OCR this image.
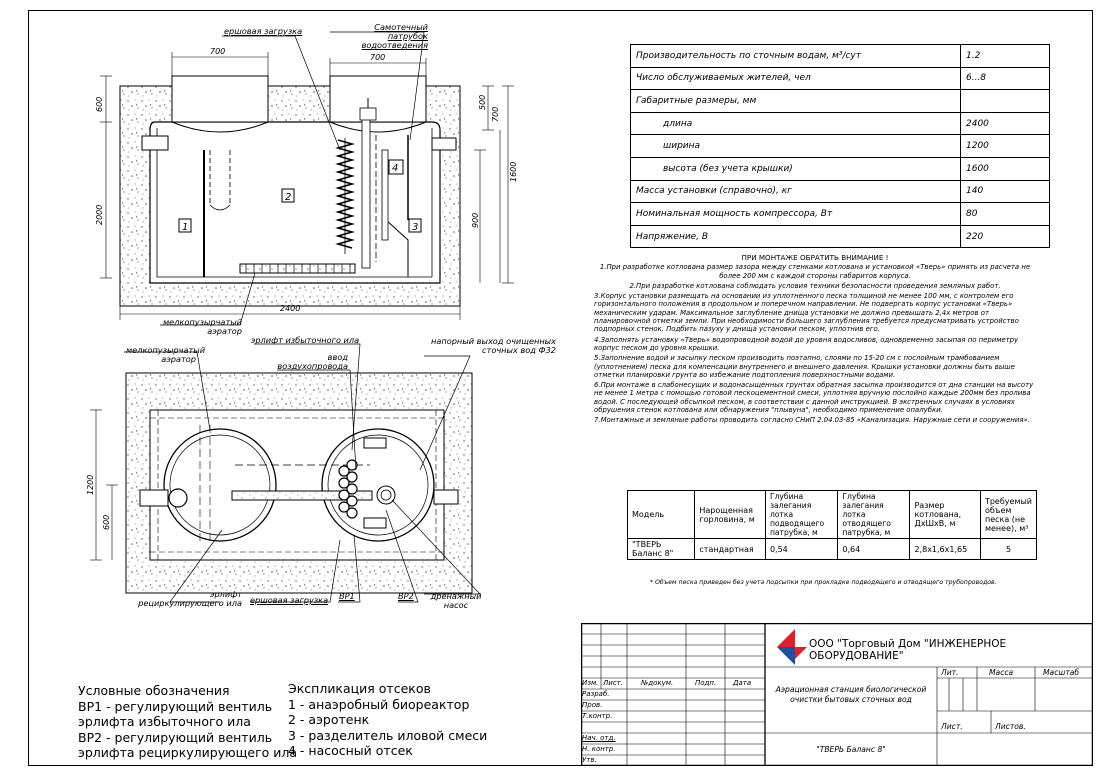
4
1
2
3
700
700
2400
600
2000
500
700
1600
900
ершовая загрузка	Самотечный патрубок водоотведения
мелкопузырчатый аэратор
1200
600
мелкопузырчатый аэратор
эрлифт избыточного ила
ввод воздухопровода
напорный выход очищенных сточных вод Ф32
эрлифт рециркулирующего ила ершовая загрузка BP1	BP2	дренажный насос
Производительность по сточным водам, м³/сут	1.2
Число обслуживаемых жителей, чел	6...8
Габаритные размеры, мм	
длина	2400
ширина	1200
высота (без учета крышки)	1600
Масса установки (справочно), кг	140
Номинальная мощность компрессора, Вт	80
Напряжение, В	220
ПРИ МОНТАЖЕ ОБРАТИТЬ ВНИМАНИЕ !

1.При разработке котлована размер зазора между стенками котлована и установкой «Тверь» принять из расчета не более 200 мм с каждой стороны габаритов корпуса.

2.При разработке котлована соблюдать условия техники безопасности проведения земляных работ.

3.Корпус установки размещать на основании из уплотненного песка толщиной не менее 100 мм, с контролем его горизонтального положения в продольном и поперечном направлении. Не подвергать корпус установки «Тверь» механическим ударам. Максимальное заглубление днища установки не должно превышать 2,4х метров от планировочной отметки земли. При необходимости большего заглубления требуется предусматривать устройство подпорных стенок. Подбить пазуху у днища установки песком, уплотнив его.

4.Заполнять установку «Тверь» водопроводной водой до уровня водосливов, одновременно засыпая по периметру корпус песком до уровня крышки.

5.Заполнение водой и засыпку песком производить поэтапно, слоями по 15-20 см с послойным трамбованием (уплотнением) песка для компенсации внутреннего и внешнего давления. Крышки установки должны быть выше отметки планировки грунта во избежание подтопления поверхностными водами.

6.При монтаже в слабонесущих и водонасыщенных грунтах обратная засыпка производится от дна станции на высоту не менее 1 метра с помощью готовой пескоцементной смеси, уплотняя вручную послойно каждые 200мм без пролива водой. С последующей обсыпкой песком, в соответствии с данной инструкцией. В экстренных случаях в условиях обрушения стенок котлована или обнаружения "плывуна", необходимо применение опалубки.

7.Монтажные и земляные работы проводить согласно СНиП 2.04.03-85 «Канализация. Наружные сети и сооружения».

Модель	Нарощенная горловина, м	Глубина залегания лотка подводящего патрубка, м	Глубина залегания лотка отводящего патрубка, м	Размер котлована, ДхШхВ, м	Требуемый объем песка (не менее), м³
"ТВЕРЬ Баланс 8"	стандартная	0,54	0,64	2,8х1,6х1,65	5
* Объем песка приведен без учета подсыпки при прокладке подводящего и отводящего трубопроводов.
Условные обозначения
BP1 - регулирующий вентиль
эрлифта избыточного ила
BP2 - регулирующий вентиль
эрлифта рециркулирующего ила
Экспликация отсеков
1 - анаэробный биореактор
2 - аэротенк
3 - разделитель иловой смеси
4 - насосный отсек
ООО "Торговый Дом "ИНЖЕНЕРНОЕ ОБОРУДОВАНИЕ"
Аэрационная станция биологической очистки бытовых сточных вод
"ТВЕРЬ Баланс 8"
Лит.	Масса	Масштаб
Лист.	Листов.
Изм. Лист.	№докум.	Подп. Дата
Разраб.
Пров.
Т.контр.
Нач. отд.
Н. контр.
Утв.
